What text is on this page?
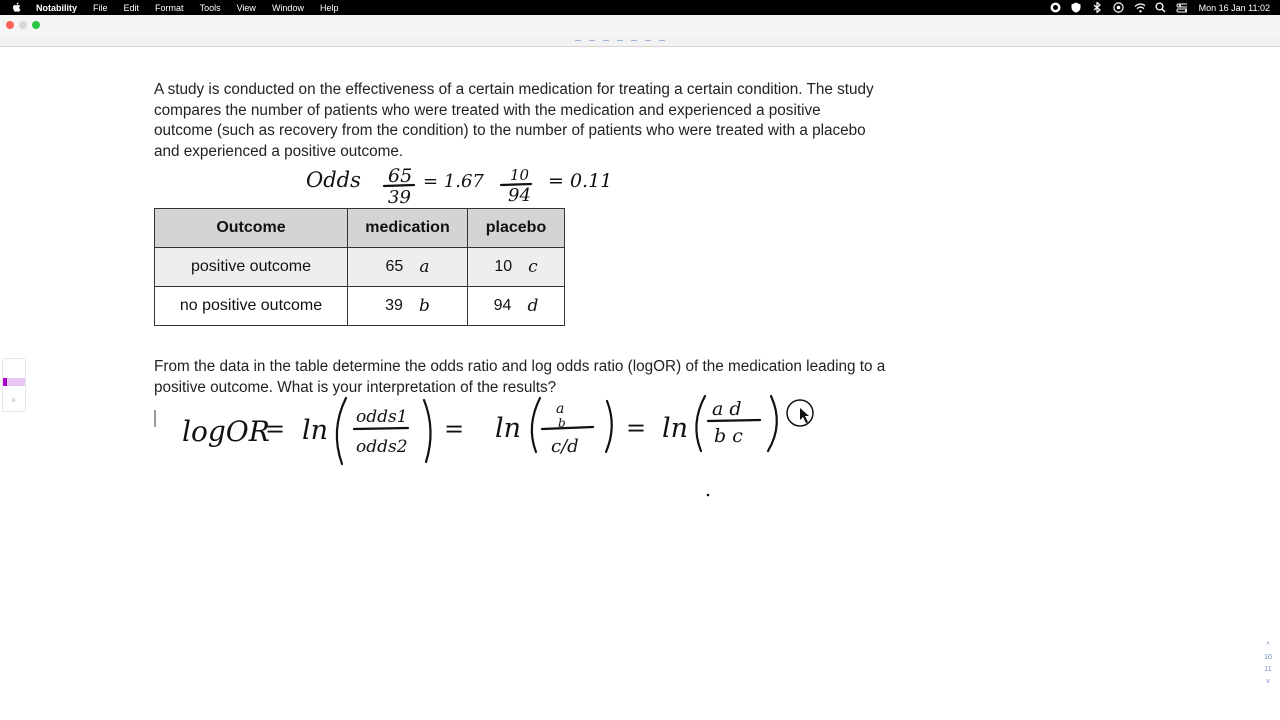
Notability File Edit Format Tools View Window Help	Mon 16 Jan 11:02
A study is conducted on the effectiveness of a certain medication for treating a certain condition. The study compares the number of patients who were treated with the medication and experienced a positive outcome (such as recovery from the condition) to the number of patients who were treated with a placebo and experienced a positive outcome.
Outcome	medication	placebo
positive outcome	65 a	10 c

no positive outcome	39 b	94 d
From the data in the table determine the odds ratio and log odds ratio (logOR) of the medication leading to a positive outcome. What is your interpretation of the results?
Odds 65
39
= 1.67 10
94
= 0.11
logOR
= ln odds1
odds2
= ln
a
b
c/d
= ln
a d
b c
×
^
10
11
v
